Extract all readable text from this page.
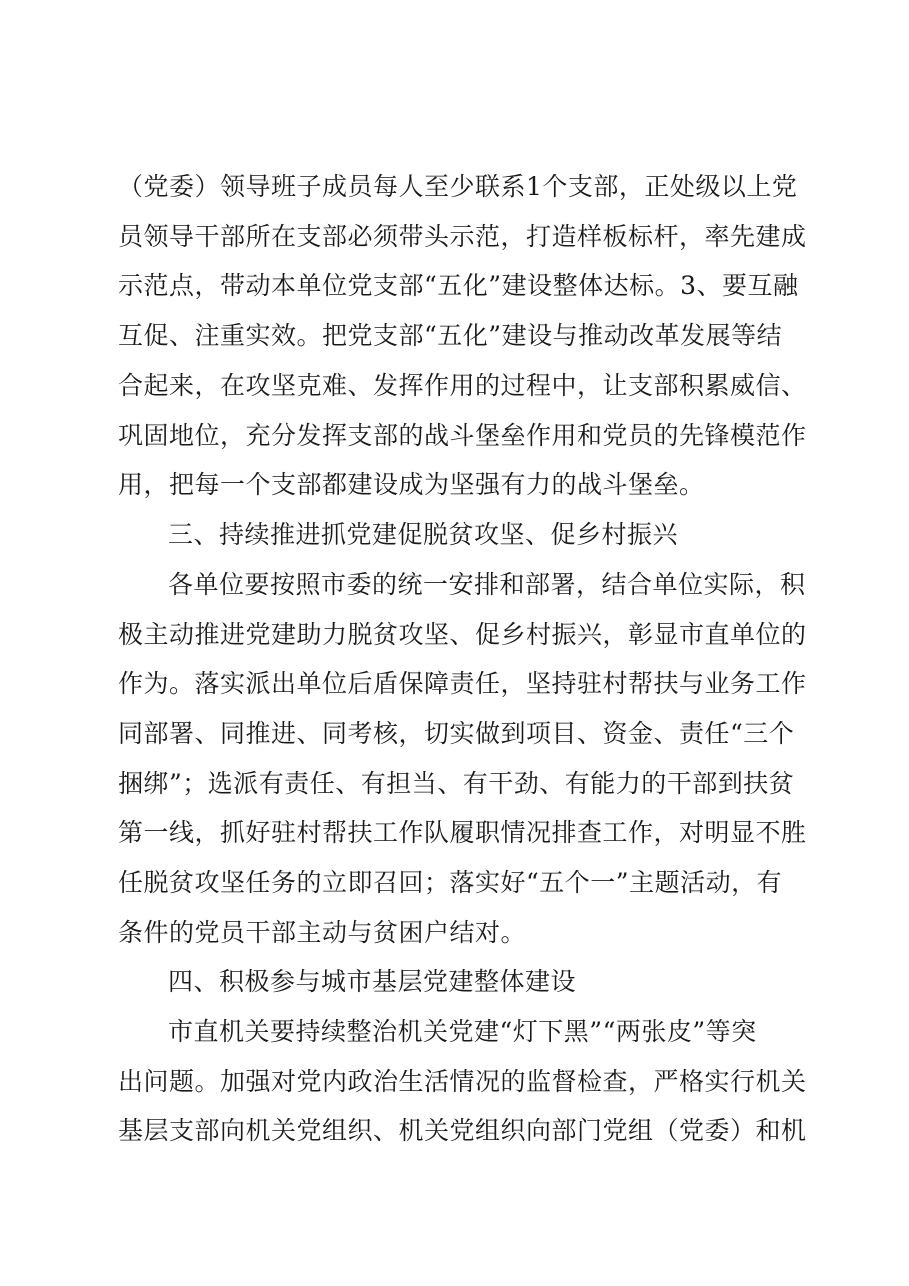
（党委）领导班子成员每人至少联系1个支部，正处级以上党
员领导干部所在支部必须带头示范，打造样板标杆，率先建成
示范点，带动本单位党支部“五化”建设整体达标。3、要互融
互促、注重实效。把党支部“五化”建设与推动改革发展等结
合起来，在攻坚克难、发挥作用的过程中，让支部积累威信、
巩固地位，充分发挥支部的战斗堡垒作用和党员的先锋模范作
用，把每一个支部都建设成为坚强有力的战斗堡垒。
三、持续推进抓党建促脱贫攻坚、促乡村振兴
各单位要按照市委的统一安排和部署，结合单位实际，积
极主动推进党建助力脱贫攻坚、促乡村振兴，彰显市直单位的
作为。落实派出单位后盾保障责任，坚持驻村帮扶与业务工作
同部署、同推进、同考核，切实做到项目、资金、责任“三个
捆绑”；选派有责任、有担当、有干劲、有能力的干部到扶贫
第一线，抓好驻村帮扶工作队履职情况排查工作，对明显不胜
任脱贫攻坚任务的立即召回；落实好“五个一”主题活动，有
条件的党员干部主动与贫困户结对。
四、积极参与城市基层党建整体建设
市直机关要持续整治机关党建“灯下黑”“两张皮”等突
出问题。加强对党内政治生活情况的监督检查，严格实行机关
基层支部向机关党组织、机关党组织向部门党组（党委）和机
